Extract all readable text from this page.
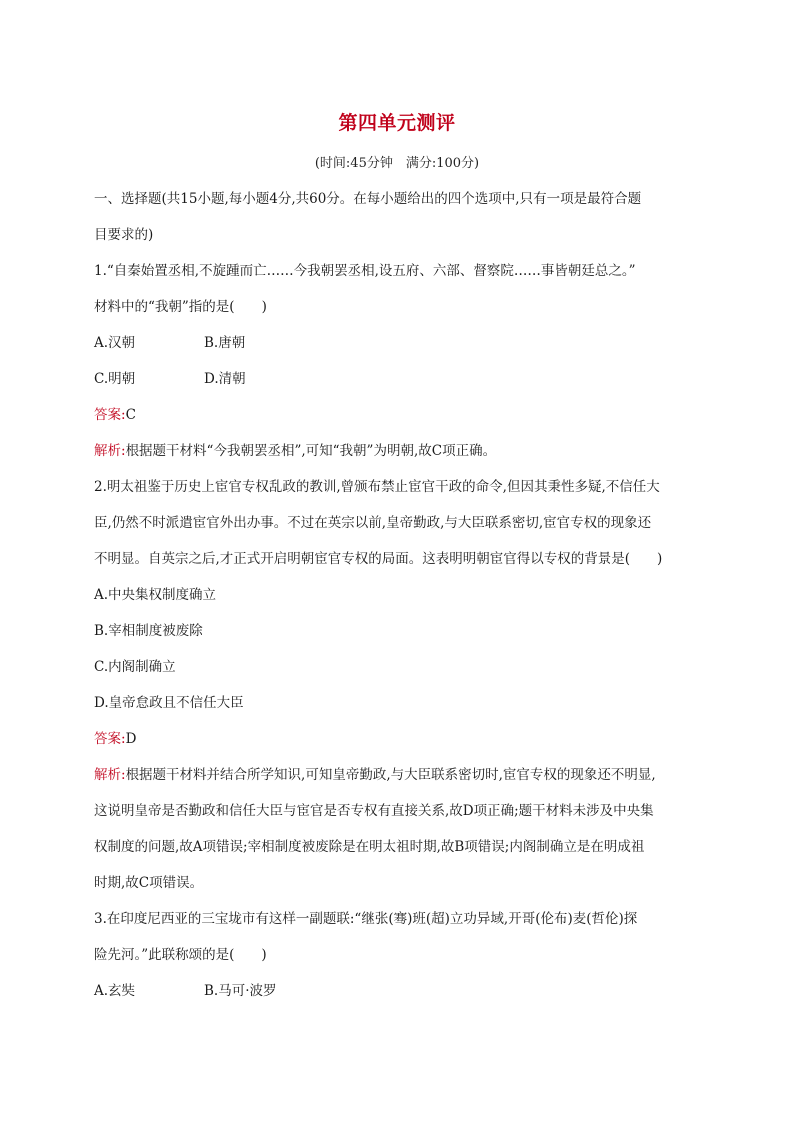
第四单元测评
(时间:45分钟　满分:100分)
一、选择题(共15小题,每小题4分,共60分。在每小题给出的四个选项中,只有一项是最符合题
目要求的)
1.“自秦始置丞相,不旋踵而亡……今我朝罢丞相,设五府、六部、督察院……事皆朝廷总之。”
材料中的“我朝”指的是(　　)
A.汉朝	B.唐朝
C.明朝	D.清朝
答案:C
解析:根据题干材料“今我朝罢丞相”,可知“我朝”为明朝,故C项正确。
2.明太祖鉴于历史上宦官专权乱政的教训,曾颁布禁止宦官干政的命令,但因其秉性多疑,不信任大
臣,仍然不时派遣宦官外出办事。不过在英宗以前,皇帝勤政,与大臣联系密切,宦官专权的现象还
不明显。自英宗之后,才正式开启明朝宦官专权的局面。这表明明朝宦官得以专权的背景是(　　)
A.中央集权制度确立
B.宰相制度被废除
C.内阁制确立
D.皇帝怠政且不信任大臣
答案:D
解析:根据题干材料并结合所学知识,可知皇帝勤政,与大臣联系密切时,宦官专权的现象还不明显,
这说明皇帝是否勤政和信任大臣与宦官是否专权有直接关系,故D项正确;题干材料未涉及中央集
权制度的问题,故A项错误;宰相制度被废除是在明太祖时期,故B项错误;内阁制确立是在明成祖
时期,故C项错误。
3.在印度尼西亚的三宝垅市有这样一副题联:“继张(骞)班(超)立功异域,开哥(伦布)麦(哲伦)探
险先河。”此联称颂的是(　　)
A.玄奘	B.马可·波罗
